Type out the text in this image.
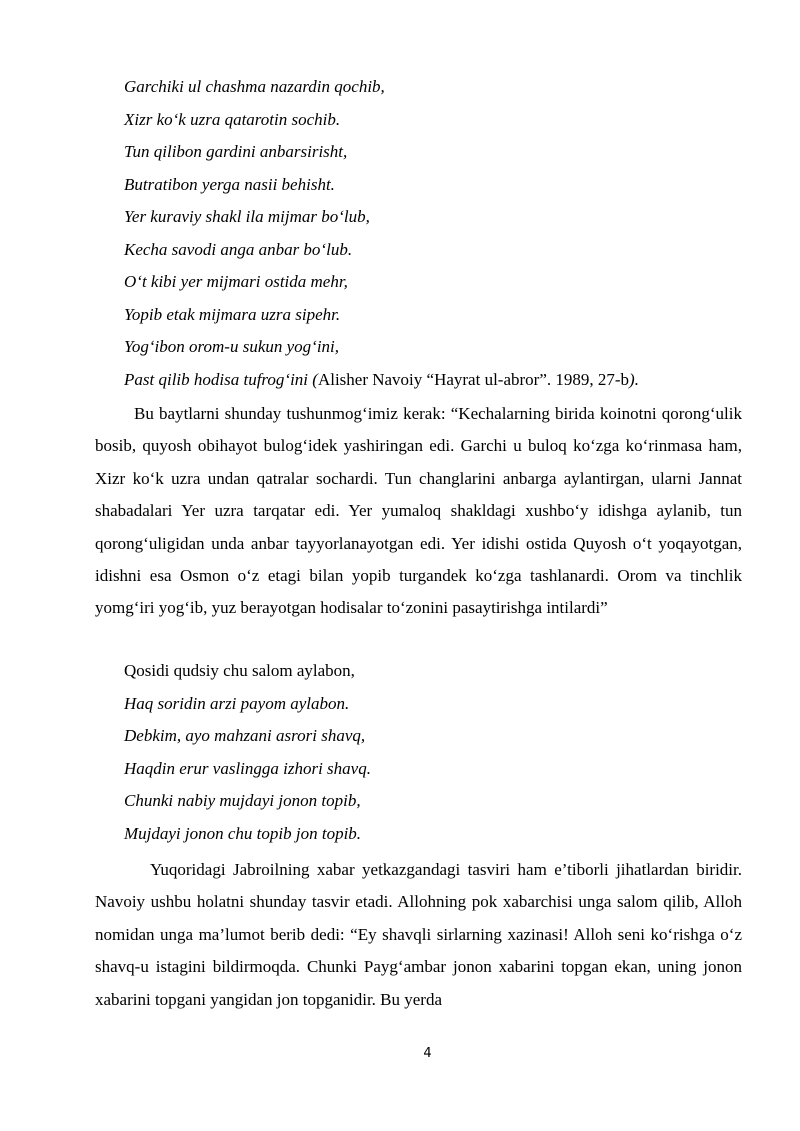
Garchiki ul chashma nazardin qochib,
Xizr ko‘k uzra qatarotin sochib.
Tun qilibon gardini anbarsirisht,
Butratibon yerga nasii behisht.
Yer kuraviy shakl ila mijmar bo‘lub,
Kecha savodi anga anbar bo‘lub.
O‘t kibi yer mijmari ostida mehr,
Yopib etak mijmara uzra sipehr.
Yog‘ibon orom-u sukun yog‘ini,
Past qilib hodisa tufrog‘ini (Alisher Navoiy “Hayrat ul-abror”. 1989, 27-b).

Bu baytlarni shunday tushunmog‘imiz kerak: “Kechalarning birida koinotni qorong‘ulik bosib, quyosh obihayot bulog‘idek yashiringan edi. Garchi u buloq ko‘zga ko‘rinmasa ham, Xizr ko‘k uzra undan qatralar sochardi. Tun changlarini anbarga aylantirgan, ularni Jannat shabadalari Yer uzra tarqatar edi. Yer yumaloq shakldagi xushbo‘y idishga aylanib, tun qorong‘uligidan unda anbar tayyorlanayotgan edi. Yer idishi ostida Quyosh o‘t yoqayotgan, idishni esa Osmon o‘z etagi bilan yopib turgandek ko‘zga tashlanardi. Orom va tinchlik yomg‘iri yog‘ib, yuz berayotgan hodisalar to‘zonini pasaytirishga intilardi”

Qosidi qudsiy chu salom aylabon,
Haq soridin arzi payom aylabon.
Debkim, ayo mahzani asrori shavq,
Haqdin erur vaslingga izhori shavq.
Chunki nabiy mujdayi jonon topib,
Mujdayi jonon chu topib jon topib.

Yuqoridagi Jabroilning xabar yetkazgandagi tasviri ham e’tiborli jihatlardan biridir. Navoiy ushbu holatni shunday tasvir etadi. Allohning pok xabarchisi unga salom qilib, Alloh nomidan unga ma’lumot berib dedi: “Ey shavqli sirlarning xazinasi! Alloh seni ko‘rishga o‘z shavq-u istagini bildirmoqda. Chunki Payg‘ambar jonon xabarini topgan ekan, uning jonon xabarini topgani yangidan jon topganidir. Bu yerda

4
